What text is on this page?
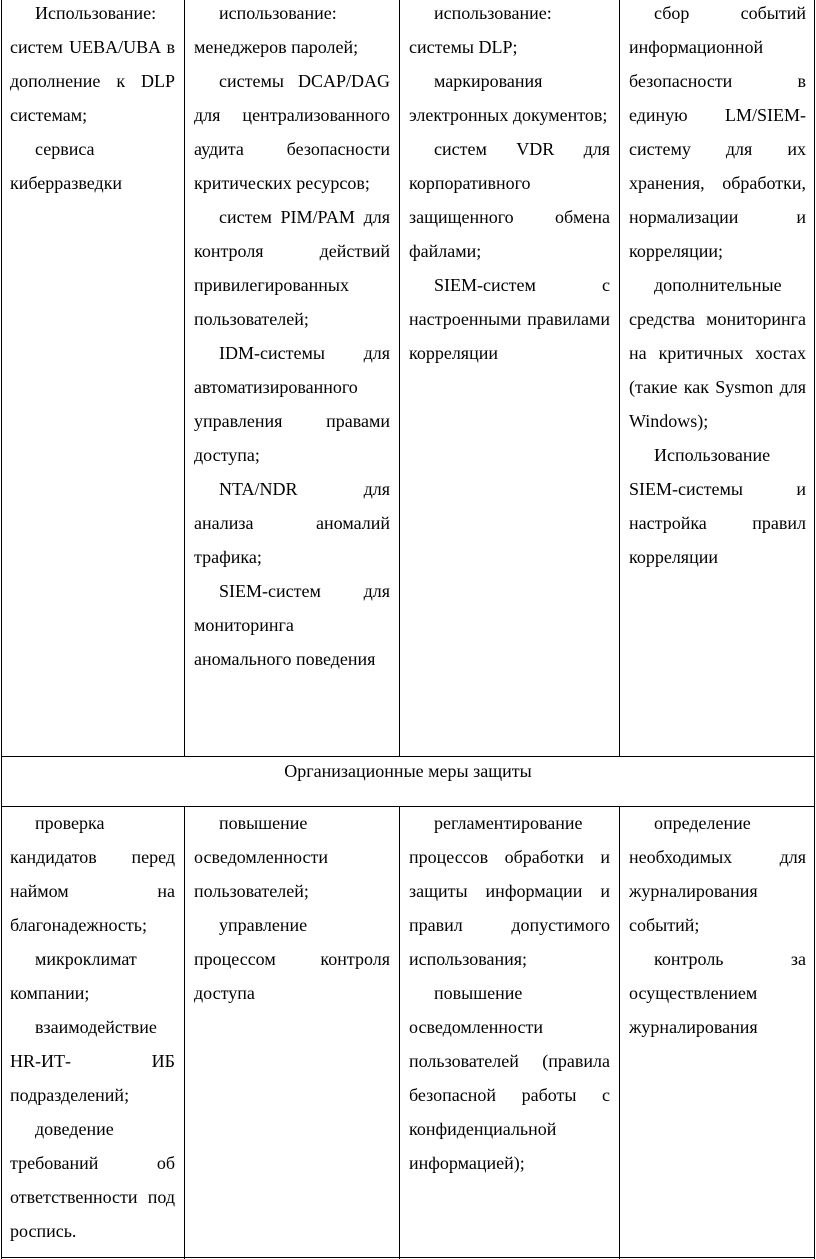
Использование: систем UEBA/UBA в дополнение к DLP системам;

сервиса киберразведки

использование: менеджеров паролей;

системы DCAP/DAG для централизованного аудита безопасности критических ресурсов;

систем PIM/PAM для контроля действий привилегированных пользователей;

IDM-системы для автоматизированного управления правами доступа;

NTA/NDR для анализа аномалий трафика;

SIEM-систем для мониторинга аномального поведения

использование: системы DLP;

маркирования электронных документов;

систем VDR для корпоративного защищенного обмена файлами;

SIEM-систем с настроенными правилами корреляции

сбор событий информационной безопасности в единую LM/SIEM-систему для их хранения, обработки, нормализации и корреляции;

дополнительные средства мониторинга на критичных хостах (такие как Sysmon для Windows);

Использование SIEM-системы и настройка правил корреляции

Организационные меры защиты

проверка кандидатов перед наймом на благонадежность;

микроклимат компании;

взаимодействие HR-ИТ- ИБ подразделений;

доведение требований об ответственности под роспись.

повышение осведомленности пользователей;

управление процессом контроля доступа

регламентирование процессов обработки и защиты информации и правил допустимого использования;

повышение осведомленности пользователей (правила безопасной работы с конфиденциальной информацией);

определение необходимых для журналирования событий;

контроль за осуществлением журналирования
